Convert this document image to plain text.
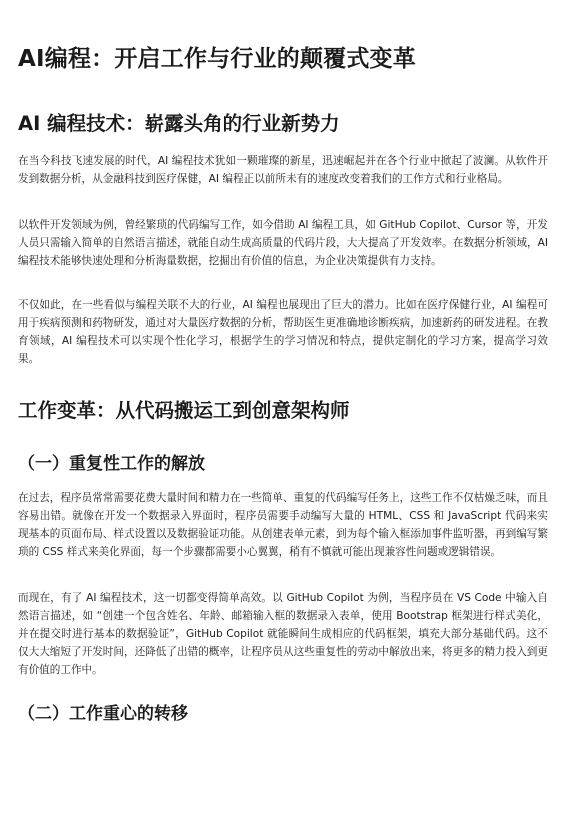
AI编程：开启工作与行业的颠覆式变革
AI 编程技术：崭露头角的行业新势力

在当今科技飞速发展的时代，AI 编程技术犹如一颗璀璨的新星，迅速崛起并在各个行业中掀起了波澜。从软件开发到数据分析，从金融科技到医疗保健，AI 编程正以前所未有的速度改变着我们的工作方式和行业格局。

以软件开发领域为例，曾经繁琐的代码编写工作，如今借助 AI 编程工具，如 GitHub Copilot、Cursor 等，开发人员只需输入简单的自然语言描述，就能自动生成高质量的代码片段，大大提高了开发效率。在数据分析领域，AI 编程技术能够快速处理和分析海量数据，挖掘出有价值的信息，为企业决策提供有力支持。

不仅如此，在一些看似与编程关联不大的行业，AI 编程也展现出了巨大的潜力。比如在医疗保健行业，AI 编程可用于疾病预测和药物研发，通过对大量医疗数据的分析，帮助医生更准确地诊断疾病，加速新药的研发进程。在教育领域，AI 编程技术可以实现个性化学习，根据学生的学习情况和特点，提供定制化的学习方案，提高学习效果。

工作变革：从代码搬运工到创意架构师
（一）重复性工作的解放

在过去，程序员常常需要花费大量时间和精力在一些简单、重复的代码编写任务上，这些工作不仅枯燥乏味，而且容易出错。就像在开发一个数据录入界面时，程序员需要手动编写大量的 HTML、CSS 和 JavaScript 代码来实现基本的页面布局、样式设置以及数据验证功能。从创建表单元素，到为每个输入框添加事件监听器，再到编写繁琐的 CSS 样式来美化界面，每一个步骤都需要小心翼翼，稍有不慎就可能出现兼容性问题或逻辑错误。

而现在，有了 AI 编程技术，这一切都变得简单高效。以 GitHub Copilot 为例，当程序员在 VS Code 中输入自然语言描述，如 “创建一个包含姓名、年龄、邮箱输入框的数据录入表单，使用 Bootstrap 框架进行样式美化，并在提交时进行基本的数据验证”，GitHub Copilot 就能瞬间生成相应的代码框架，填充大部分基础代码。这不仅大大缩短了开发时间，还降低了出错的概率，让程序员从这些重复性的劳动中解放出来，将更多的精力投入到更有价值的工作中。

（二）工作重心的转移
